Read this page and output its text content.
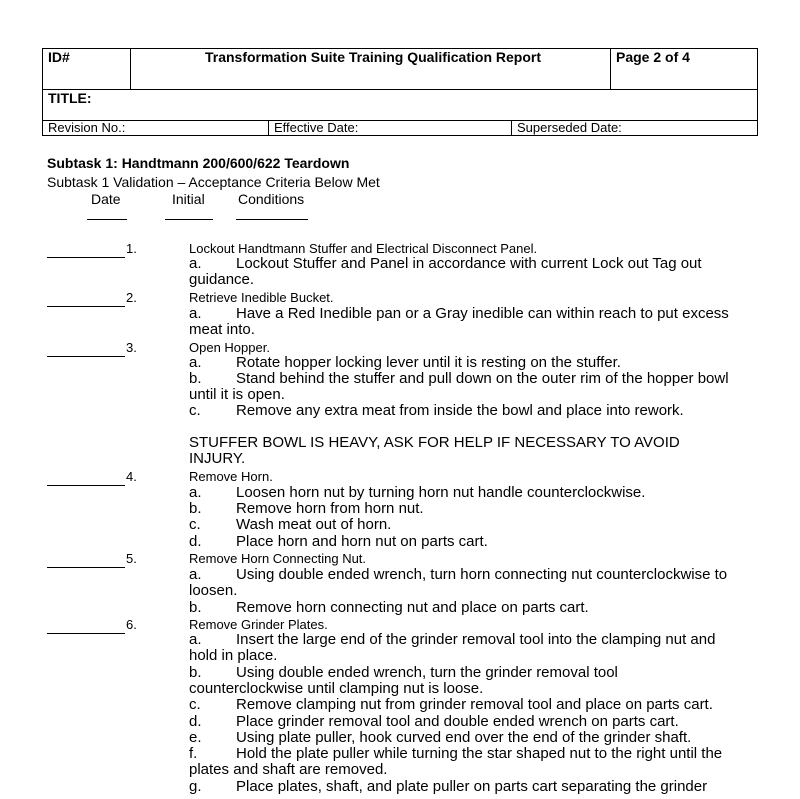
ID#	Transformation Suite Training Qualification Report			Page 2 of 4
TITLE:				
Revision No.:		Effective Date:	Superseded Date:	
Subtask 1: Handtmann 200/600/622 Teardown
Subtask 1 Validation – Acceptance Criteria Below Met
Date	Initial Conditions
1.	Lockout Handtmann Stuffer and Electrical Disconnect Panel.
a. Lockout Stuffer and Panel in accordance with current Lock out Tag out
guidance.
2.	Retrieve Inedible Bucket.
a. Have a Red Inedible pan or a Gray inedible can within reach to put excess
meat into.
3.	Open Hopper.
a. Rotate hopper locking lever until it is resting on the stuffer.
b. Stand behind the stuffer and pull down on the outer rim of the hopper bowl
until it is open.
c. Remove any extra meat from inside the bowl and place into rework.
STUFFER BOWL IS HEAVY, ASK FOR HELP IF NECESSARY TO AVOID
INJURY.
4.	Remove Horn.
a. Loosen horn nut by turning horn nut handle counterclockwise.
b. Remove horn from horn nut.
c. Wash meat out of horn.
d. Place horn and horn nut on parts cart.
5.	Remove Horn Connecting Nut.
a. Using double ended wrench, turn horn connecting nut counterclockwise to
loosen.
b. Remove horn connecting nut and place on parts cart.
6.	Remove Grinder Plates.
a. Insert the large end of the grinder removal tool into the clamping nut and
hold in place.
b. Using double ended wrench, turn the grinder removal tool
counterclockwise until clamping nut is loose.
c. Remove clamping nut from grinder removal tool and place on parts cart.
d. Place grinder removal tool and double ended wrench on parts cart.
e. Using plate puller, hook curved end over the end of the grinder shaft.
f.	Hold the plate puller while turning the star shaped nut to the right until the
plates and shaft are removed.
g. Place plates, shaft, and plate puller on parts cart separating the grinder
